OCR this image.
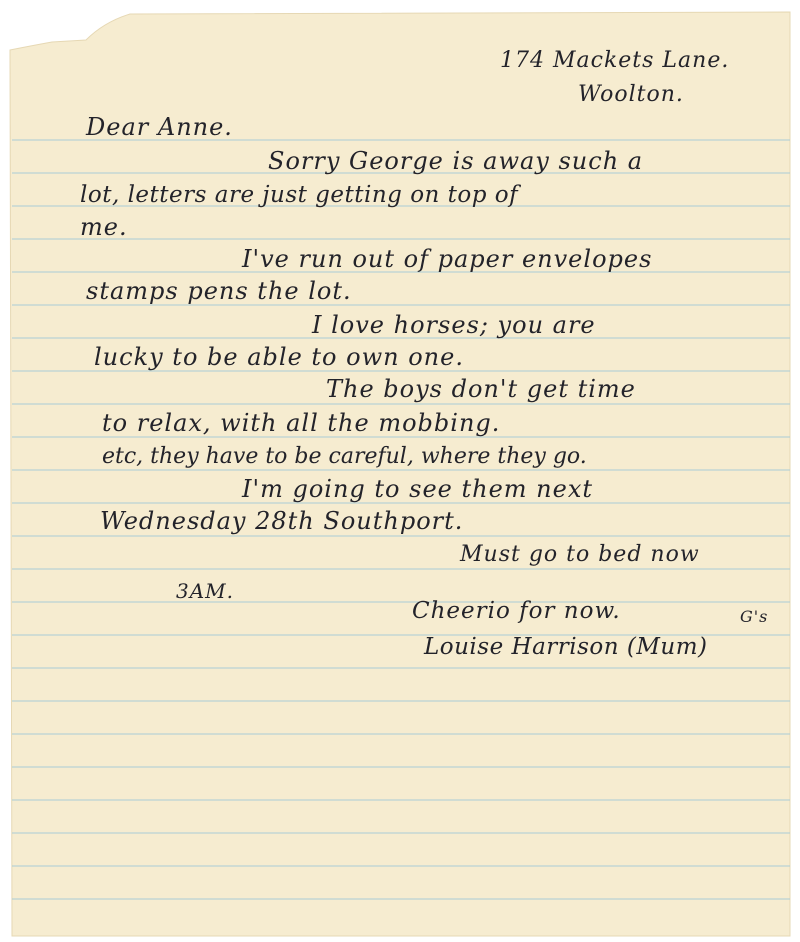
174 Mackets Lane.

Woolton.

Dear Anne.

Sorry George is away such a

lot, letters are just getting on top of

me.

I've run out of paper envelopes

stamps pens the lot.

I love horses; you are

lucky to be able to own one.

The boys don't get time

to relax, with all the mobbing.

etc, they have to be careful, where they go.

I'm going to see them next

Wednesday 28th Southport.

Must go to bed now

3AM.

Cheerio for now.	G's

Louise Harrison (Mum)
